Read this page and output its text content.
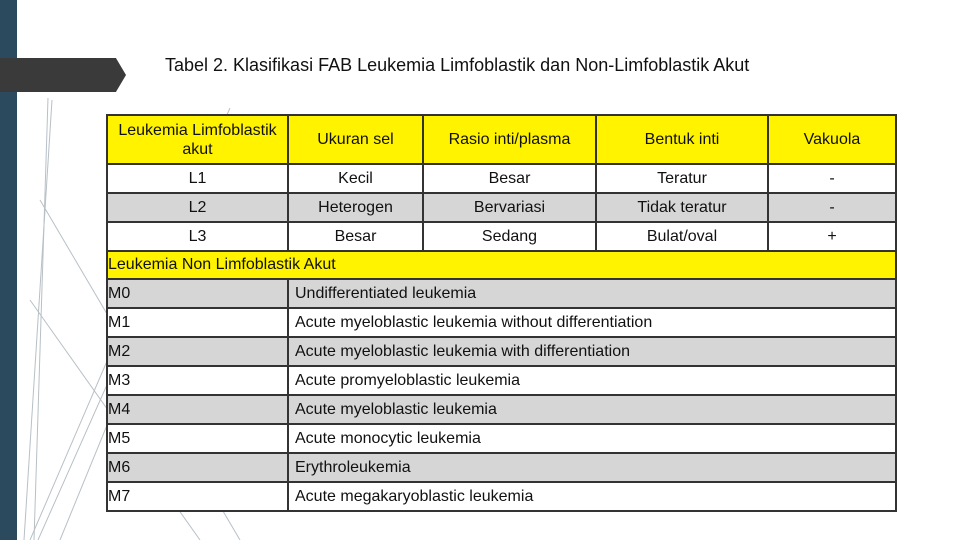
Tabel 2. Klasifikasi FAB Leukemia Limfoblastik dan Non-Limfoblastik Akut
Leukemia Limfoblastik akut	Ukuran sel	Rasio inti/plasma	Bentuk inti	Vakuola
L1	Kecil	Besar	Teratur	-
L2	Heterogen	Bervariasi	Tidak teratur	-
L3	Besar	Sedang	Bulat/oval	+
Leukemia Non Limfoblastik Akut				
M0	Undifferentiated leukemia			
M1	Acute myeloblastic leukemia without differentiation			
M2	Acute myeloblastic leukemia with differentiation			
M3	Acute promyeloblastic leukemia			
M4	Acute myeloblastic leukemia			
M5	Acute monocytic leukemia			
M6	Erythroleukemia			
M7	Acute megakaryoblastic leukemia			
